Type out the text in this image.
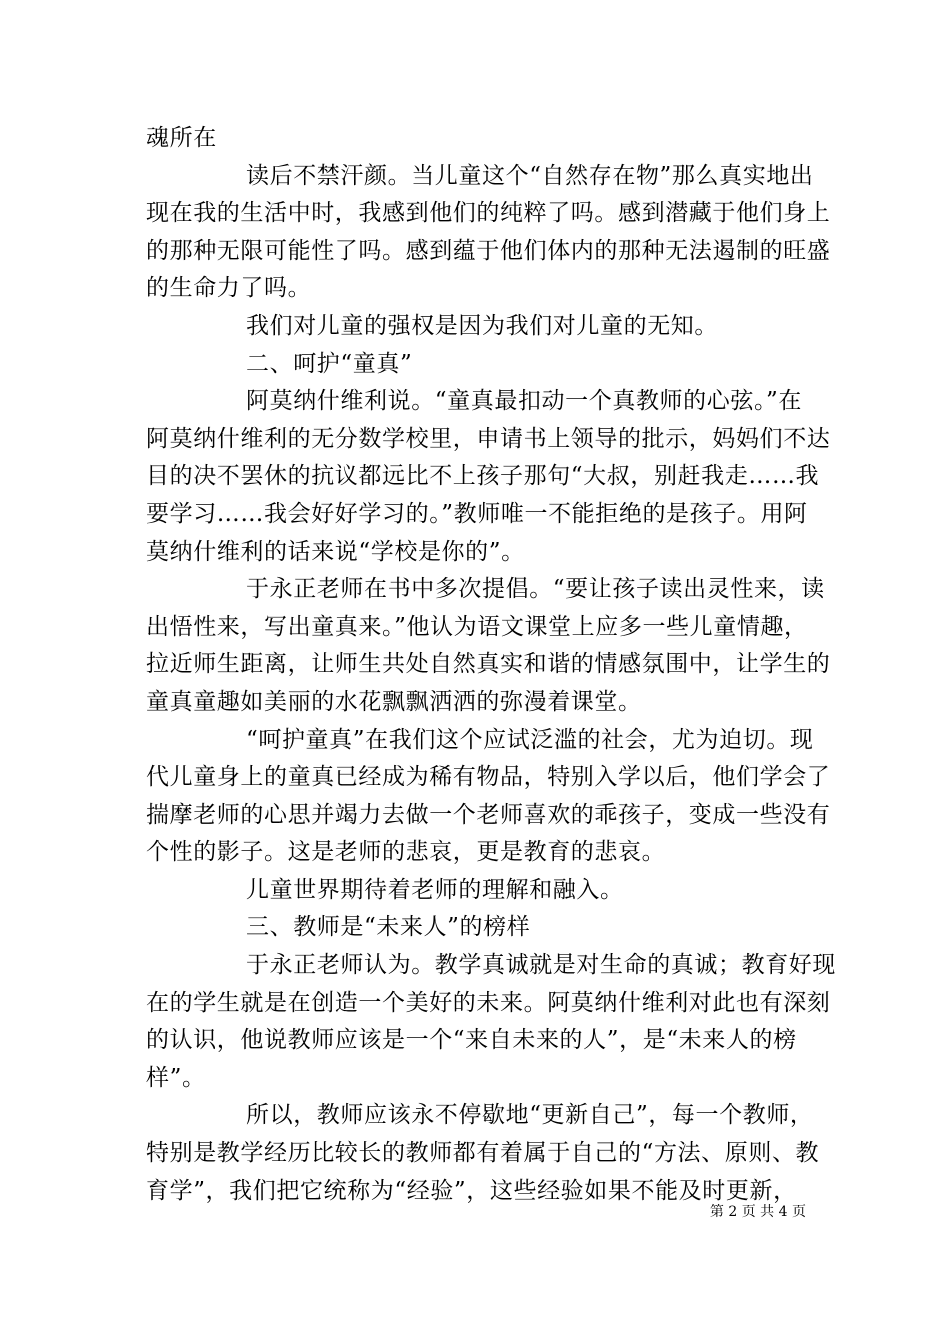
魂所在
读后不禁汗颜。当儿童这个“自然存在物”那么真实地出
现在我的生活中时，我感到他们的纯粹了吗。感到潜藏于他们身上
的那种无限可能性了吗。感到蕴于他们体内的那种无法遏制的旺盛
的生命力了吗。
我们对儿童的强权是因为我们对儿童的无知。
二、呵护“童真”
阿莫纳什维利说。“童真最扣动一个真教师的心弦。”在
阿莫纳什维利的无分数学校里，申请书上领导的批示，妈妈们不达
目的决不罢休的抗议都远比不上孩子那句“大叔，别赶我走……我
要学习……我会好好学习的。”教师唯一不能拒绝的是孩子。用阿
莫纳什维利的话来说“学校是你的”。
于永正老师在书中多次提倡。“要让孩子读出灵性来，读
出悟性来，写出童真来。”他认为语文课堂上应多一些儿童情趣，
拉近师生距离，让师生共处自然真实和谐的情感氛围中，让学生的
童真童趣如美丽的水花飘飘洒洒的弥漫着课堂。
“呵护童真”在我们这个应试泛滥的社会，尤为迫切。现
代儿童身上的童真已经成为稀有物品，特别入学以后，他们学会了
揣摩老师的心思并竭力去做一个老师喜欢的乖孩子，变成一些没有
个性的影子。这是老师的悲哀，更是教育的悲哀。
儿童世界期待着老师的理解和融入。
三、教师是“未来人”的榜样
于永正老师认为。教学真诚就是对生命的真诚；教育好现
在的学生就是在创造一个美好的未来。阿莫纳什维利对此也有深刻
的认识，他说教师应该是一个“来自未来的人”，是“未来人的榜
样”。
所以，教师应该永不停歇地“更新自己”，每一个教师，
特别是教学经历比较长的教师都有着属于自己的“方法、原则、教
育学”，我们把它统称为“经验”，这些经验如果不能及时更新，
第 2 页 共 4 页
